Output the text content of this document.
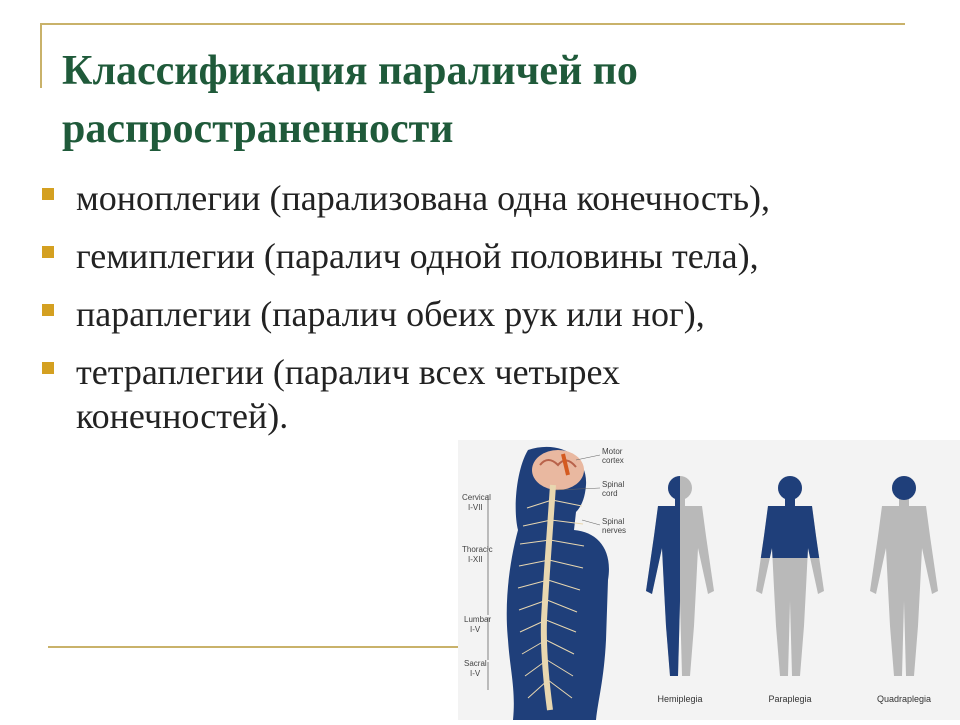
Классификация параличей по
распространенности
моноплегии (парализована одна конечность),
гемиплегии (паралич одной половины тела),
параплегии (паралич обеих рук или ног),
тетраплегии (паралич всех четырех
конечностей).
Motor
cortex
Spinal
cord
Spinal
nerves
Cervical
I-VII
Thoracic
I-XII
Lumbar
I-V
Sacral
I-V
Hemiplegia	Paraplegia	Quadraplegia
